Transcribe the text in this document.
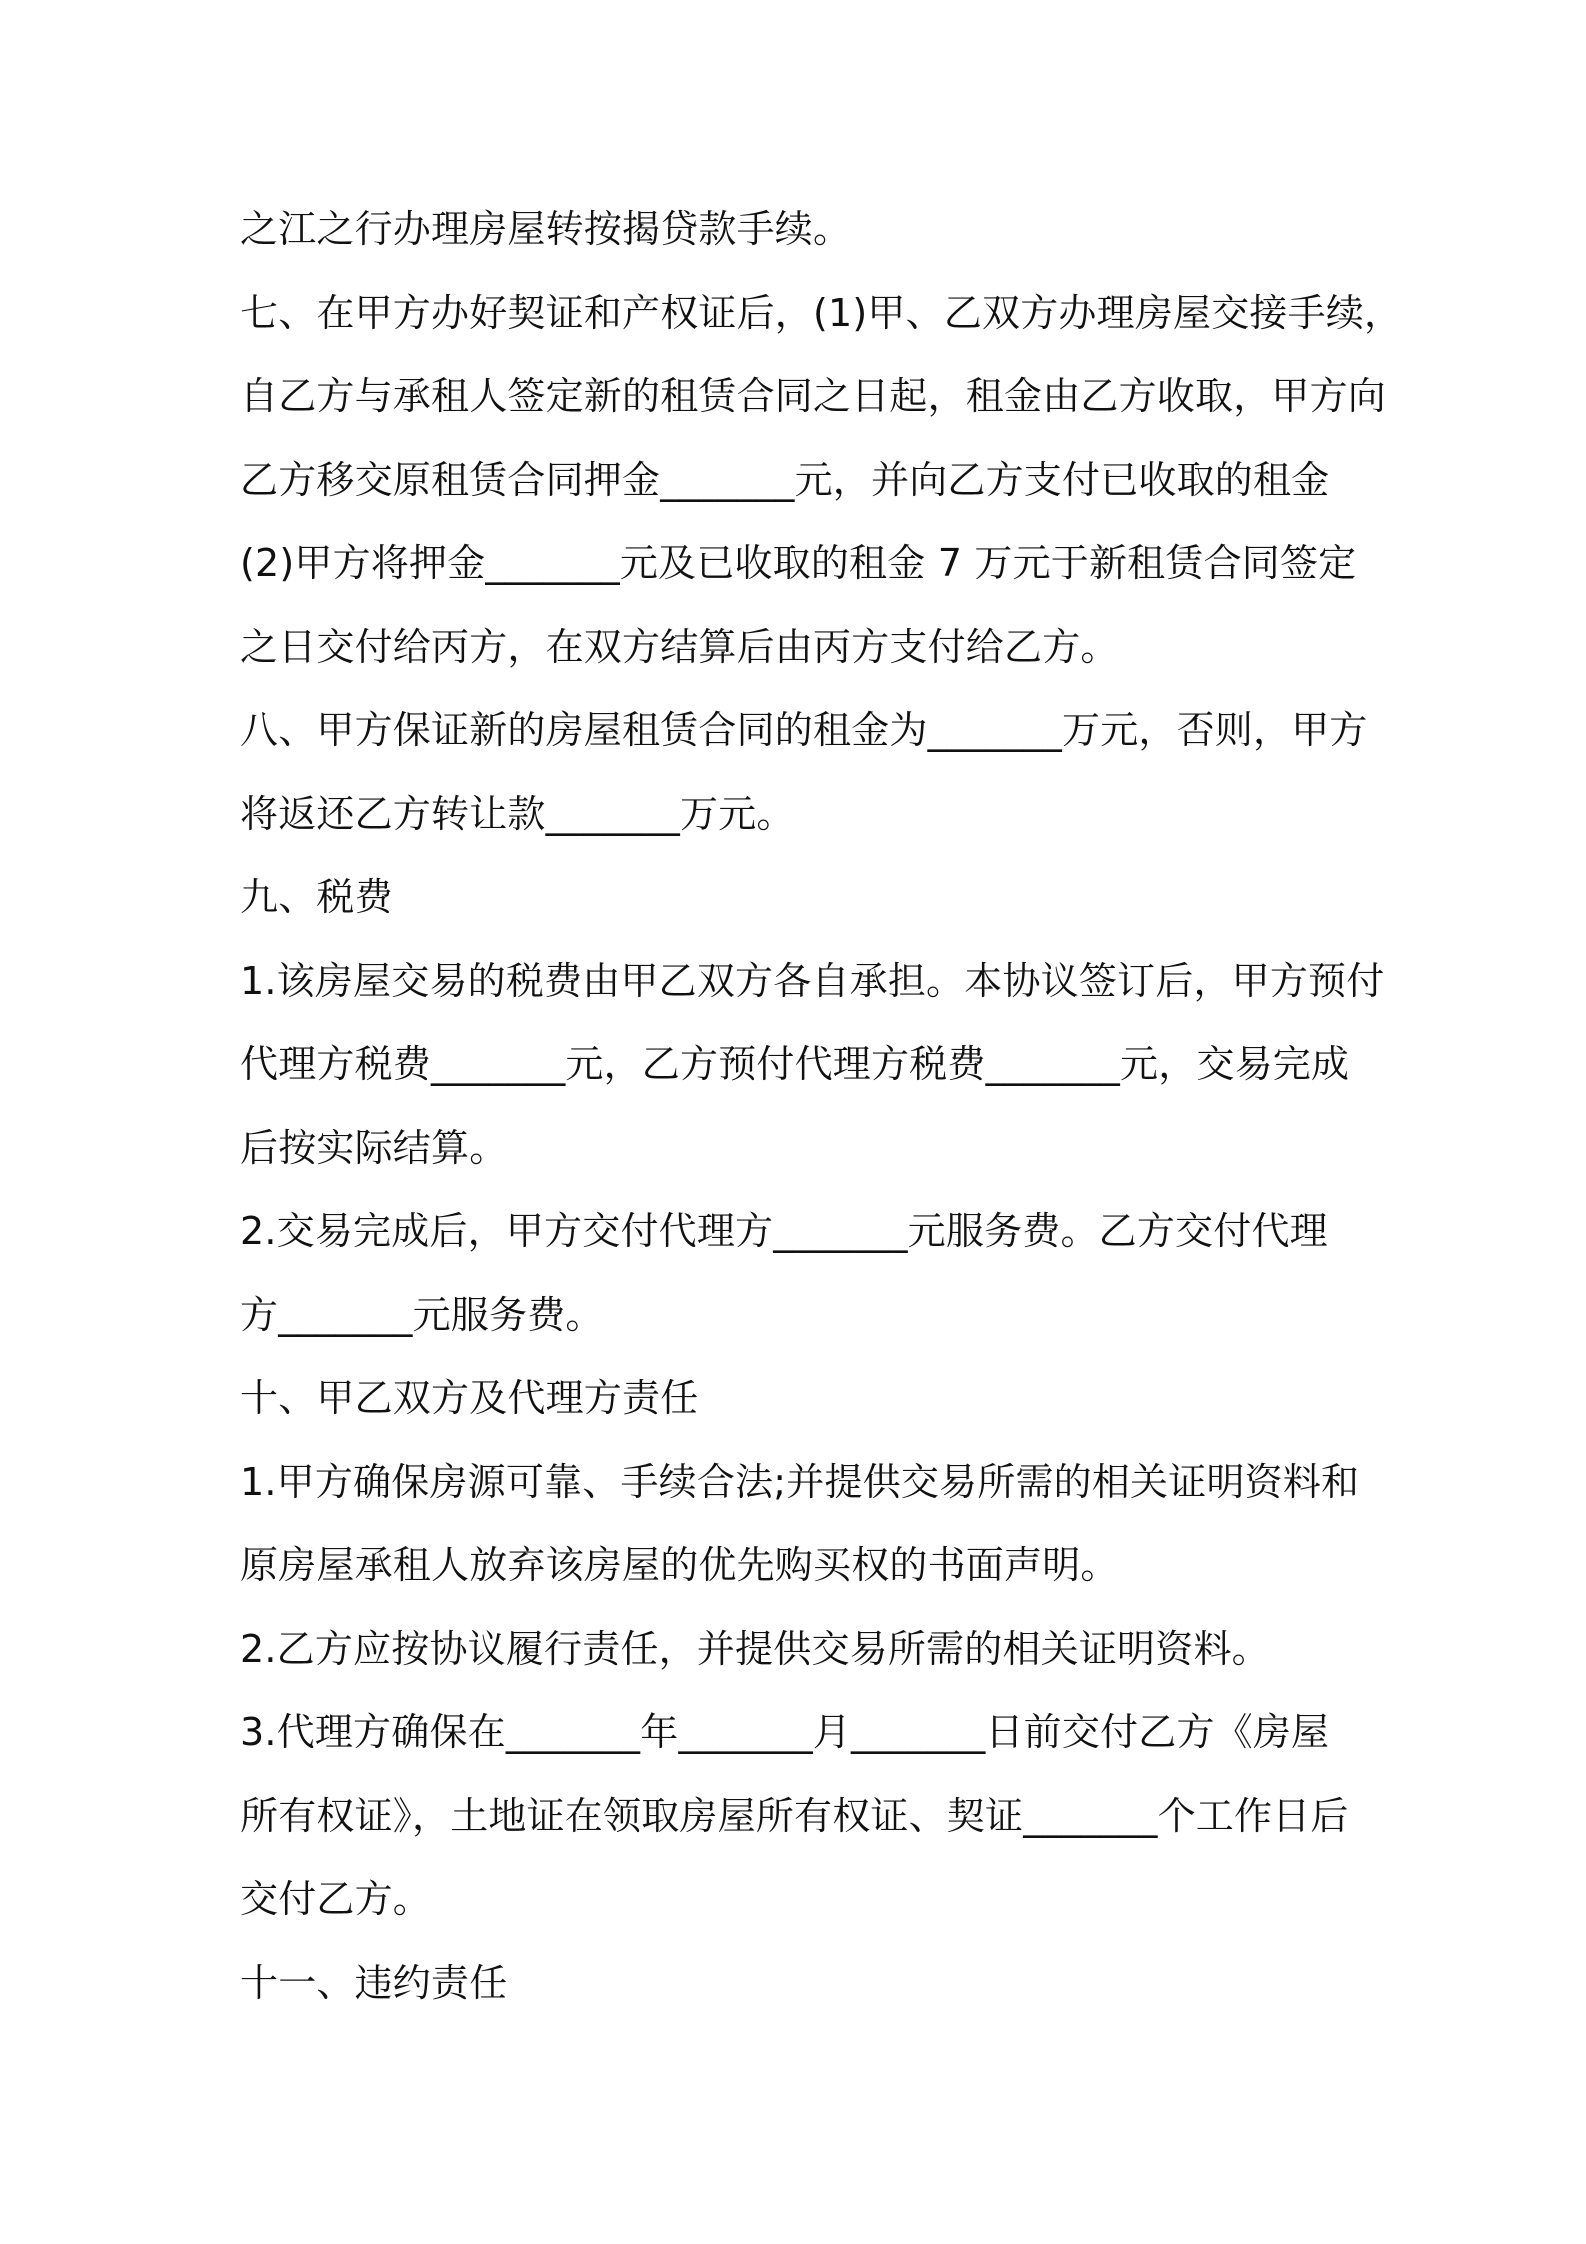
之江之行办理房屋转按揭贷款手续。
七、在甲方办好契证和产权证后，(1)甲、乙双方办理房屋交接手续，
自乙方与承租人签定新的租赁合同之日起，租金由乙方收取，甲方向
乙方移交原租赁合同押金_______元，并向乙方支付已收取的租金
(2)甲方将押金_______元及已收取的租金 7 万元于新租赁合同签定
之日交付给丙方，在双方结算后由丙方支付给乙方。
八、甲方保证新的房屋租赁合同的租金为_______万元，否则，甲方
将返还乙方转让款_______万元。
九、税费
1.该房屋交易的税费由甲乙双方各自承担。本协议签订后，甲方预付
代理方税费_______元，乙方预付代理方税费_______元，交易完成
后按实际结算。
2.交易完成后，甲方交付代理方_______元服务费。乙方交付代理
方_______元服务费。
十、甲乙双方及代理方责任
1.甲方确保房源可靠、手续合法;并提供交易所需的相关证明资料和
原房屋承租人放弃该房屋的优先购买权的书面声明。
2.乙方应按协议履行责任，并提供交易所需的相关证明资料。
3.代理方确保在_______年_______月_______日前交付乙方《房屋
所有权证》，土地证在领取房屋所有权证、契证_______个工作日后
交付乙方。
十一、违约责任
